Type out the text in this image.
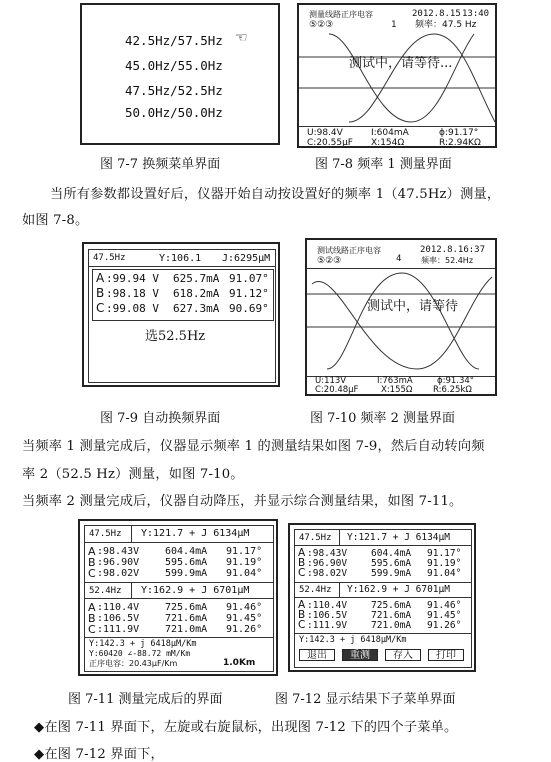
42.5Hz/57.5Hz ☜
45.0Hz/55.0Hz
47.5Hz/52.5Hz
50.0Hz/50.0Hz
测量线路正序电容	2012.8.15 13:40
⑤②③	1 频率：47.5 Hz
测试中，请等待...
U:98.4V	I:604mA	ϕ:91.17°
C:20.55μF X:154Ω	R:2.94KΩ
图 7-7 换频菜单界面	图 7-8 频率 1 测量界面
当所有参数都设置好后，仪器开始自动按设置好的频率 1（47.5Hz）测量，
如图 7-8。
47.5Hz	Y:106.1 J:6295μM
A :99.94 V 625.7mA 91.07°
B :98.18 V 618.2mA 91.12°
C :99.08 V 627.3mA 90.69°
选52.5Hz
测试线路正序电容	2012.8.16:37
⑤②③	4 频率：52.4Hz
测试中，请等待
U:113V	I:763mA	ϕ:91.34°
C:20.48μF	X:155Ω R:6.25kΩ
图 7-9 自动换频界面	图 7-10 频率 2 测量界面
当频率 1 测量完成后，仪器显示频率 1 的测量结果如图 7-9，然后自动转向频
率 2（52.5 Hz）测量，如图 7-10。
当频率 2 测量完成后，仪器自动降压，并显示综合测量结果，如图 7-11。
47.5Hz Y:121.7 + J 6134μM
A :98.43V	604.4mA 91.17°
B :96.90V	595.6mA 91.19°
C :98.02V	599.9mA 91.04°
52.4Hz Y:162.9 + J 6701μM
A :110.4V	725.6mA 91.46°
B :106.5V	721.6mA 91.45°
C :111.9V	721.0mA 91.26°
Y:142.3 + j 6418μM/Km
Y:60420 ∠-88.72 mM/Km
正序电容：20.43μF/Km	1.0Km
47.5Hz Y:121.7 + J 6134μM
A :98.43V	604.4mA 91.17°
B :96.90V	595.6mA 91.19°
C :98.02V	599.9mA 91.04°
52.4Hz Y:162.9 + J 6701μM
A :110.4V	725.6mA 91.46°
B :106.5V	721.6mA 91.45°
C :111.9V	721.0mA 91.26°
Y:142.3 + j 6418μM/Km
退出	重测	存入	打印
图 7-11 测量完成后的界面	图 7-12 显示结果下子菜单界面
◆在图 7-11 界面下，左旋或右旋鼠标，出现图 7-12 下的四个子菜单。
◆在图 7-12 界面下，
